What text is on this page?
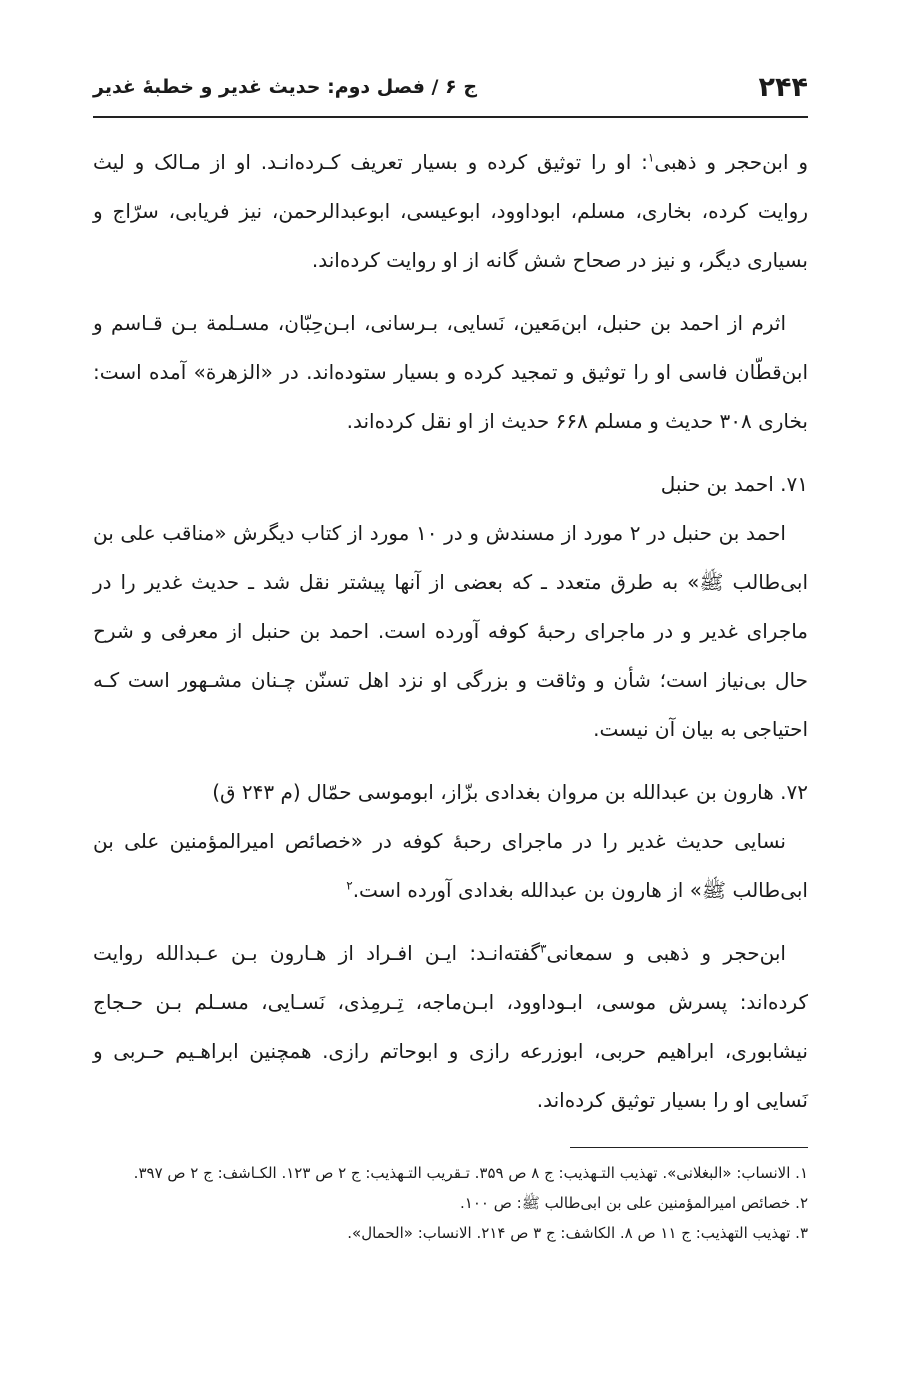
۲۴۴
ج ۶ / فصل دوم: حديث غدير و خطبهٔ غدير

و ابن‌حجر و ذهبی$^۱$: او را توثیق کرده و بسیار تعریف کـرده‌انـد. او از مـالک و لیث روایت کرده، بخاری، مسلم، ابوداوود، ابوعیسی، ابوعبدالرحمن، نیز فریابی، سرّاج و بسیاری دیگر، و نیز در صحاح شش گانه از او روایت کرده‌اند.

اثرم از احمد بن حنبل، ابن‌مَعین، نَسایی، بـرسانی، ابـن‌حِبّان، مسـلمة بـن قـاسم و ابن‌قطّان فاسی او را توثیق و تمجید کرده و بسیار ستوده‌اند. در «الزهرة» آمده است: بخاری ۳۰۸ حدیث و مسلم ۶۶۸ حدیث از او نقل کرده‌اند.

۷۱. احمد بن حنبل

احمد بن حنبل در ۲ مورد از مسندش و در ۱۰ مورد از کتاب دیگرش «مناقب علی بن ابی‌طالب ﷺ» به طرق متعدد ـ که بعضی از آنها پیشتر نقل شد ـ حدیث غدیر را در ماجرای غدیر و در ماجرای رحبهٔ کوفه آورده است. احمد بن حنبل از معرفی و شرح حال بی‌نیاز است؛ شأن و وثاقت و بزرگی او نزد اهل تسنّن چـنان مشـهور است کـه احتیاجی به بیان آن نیست.

۷۲. هارون بن عبدالله بن مروان بغدادی بزّاز، ابوموسی حمّال (م ۲۴۳ ق)

نسایی حدیث غدیر را در ماجرای رحبهٔ کوفه در «خصائص امیرالمؤمنین علی بن ابی‌طالب ﷺ» از هارون بن عبدالله بغدادی آورده است.$^۲$

ابن‌حجر و ذهبی و سمعانی$^۳$گفته‌انـد: ایـن افـراد از هـارون بـن عـبدالله روایت کرده‌اند: پسرش موسی، ابـوداوود، ابـن‌ماجه، تِـرمِذی، نَسـایی، مسـلم بـن حـجاج نیشابوری، ابراهیم حربی، ابوزرعه رازی و ابوحاتم رازی. همچنین ابراهـیم حـربی و نَسایی او را بسیار توثیق کرده‌اند.

۱. الانساب: «البغلانی». تهذیب التـهذیب: ج ۸ ص ۳۵۹. تـقریب التـهذیب: ج ۲ ص ۱۲۳. الکـاشف: ج ۲ ص ۳۹۷.

۲. خصائص امیرالمؤمنین علی بن ابی‌طالب ﷺ: ص ۱۰۰.

۳. تهذیب التهذیب: ج ۱۱ ص ۸. الکاشف: ج ۳ ص ۲۱۴. الانساب: «الحمال».
